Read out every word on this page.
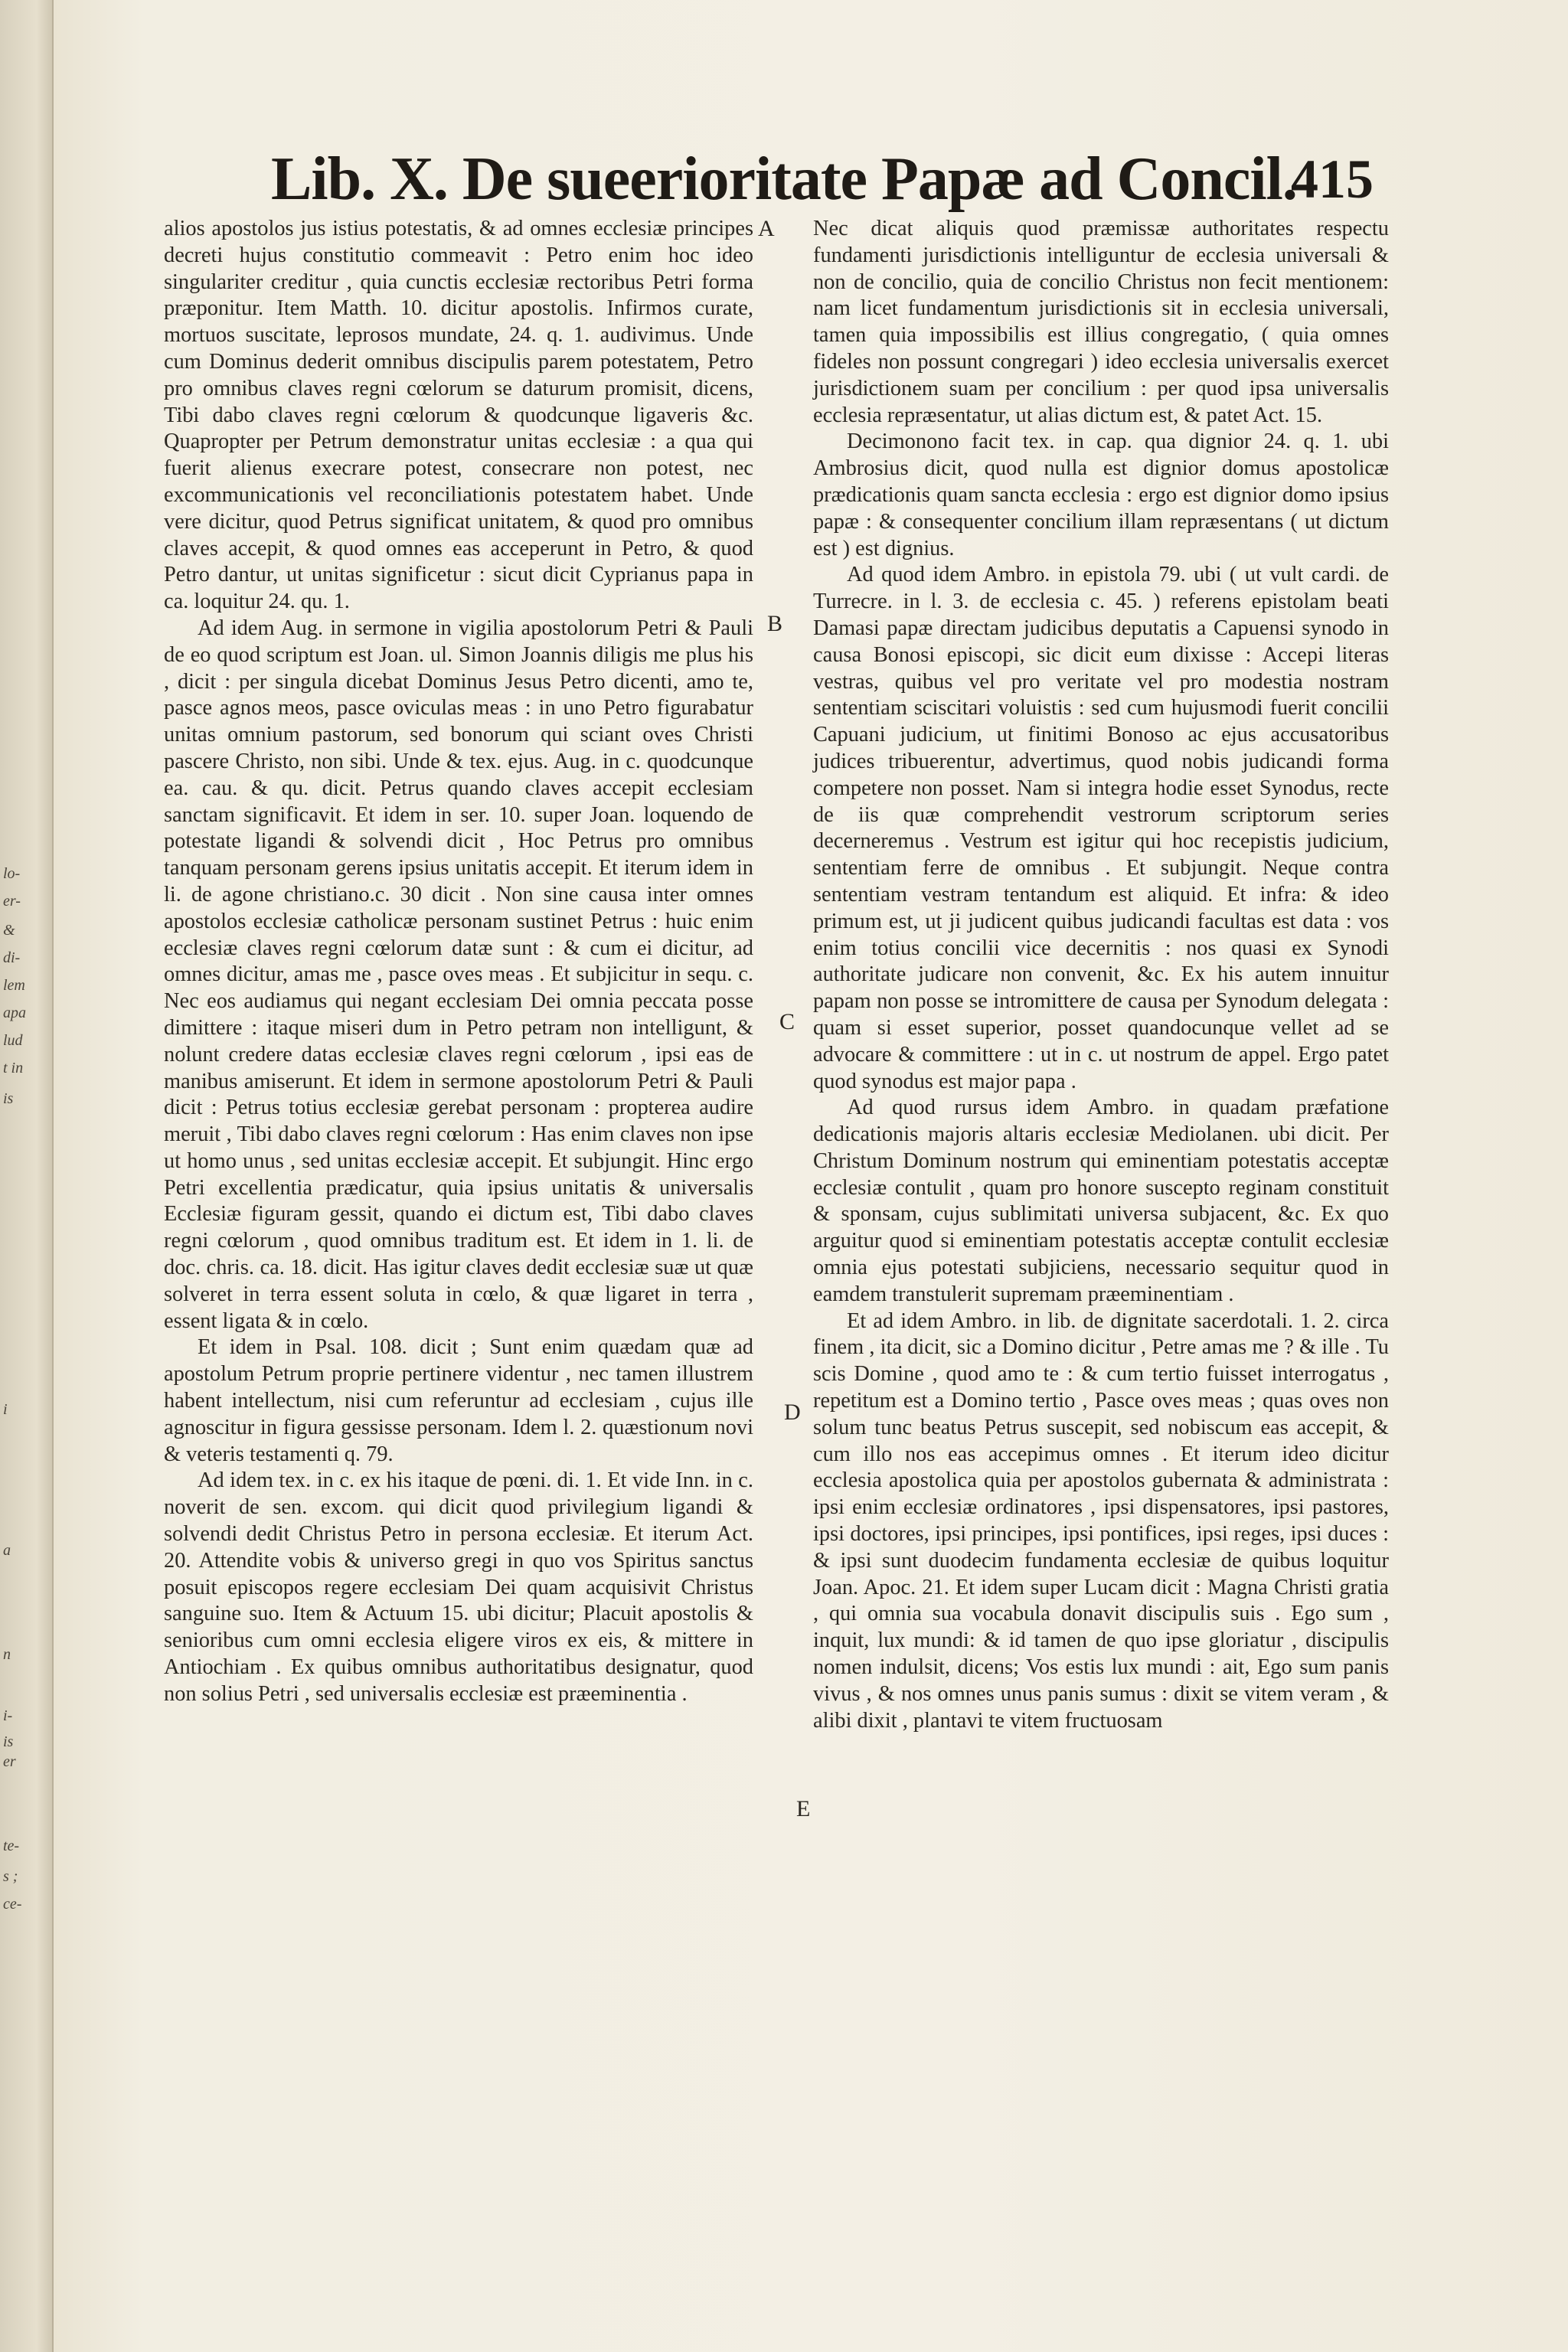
lo-
er-
&
di-
lem
apa
lud
t in
is
er
te-
s ;
ce-
i-
is
a
i
n
Lib. X. De sueerioritate Papæ ad Concil.
415

alios apostolos jus istius potestatis, & ad omnes ecclesiæ principes decreti hujus constitutio commeavit : Petro enim hoc ideo singulariter creditur , quia cunctis ecclesiæ rectoribus Petri forma præponitur. Item Matth. 10. dicitur apostolis. Infirmos curate, mortuos suscitate, leprosos mundate, 24. q. 1. audivimus. Unde cum Dominus dederit omnibus discipulis parem potestatem, Petro pro omnibus claves regni cœlorum se daturum promisit, dicens, Tibi dabo claves regni cœlorum & quodcunque ligaveris &c. Quapropter per Petrum demonstratur unitas ecclesiæ : a qua qui fuerit alienus execrare potest, consecrare non potest, nec excommunicationis vel reconciliationis potestatem habet. Unde vere dicitur, quod Petrus significat unitatem, & quod pro omnibus claves accepit, & quod omnes eas acceperunt in Petro, & quod Petro dantur, ut unitas significetur : sicut dicit Cyprianus papa in ca. loquitur 24. qu. 1.

Ad idem Aug. in sermone in vigilia apostolorum Petri & Pauli de eo quod scriptum est Joan. ul. Simon Joannis diligis me plus his , dicit : per singula dicebat Dominus Jesus Petro dicenti, amo te, pasce agnos meos, pasce oviculas meas : in uno Petro figurabatur unitas omnium pastorum, sed bonorum qui sciant oves Christi pascere Christo, non sibi. Unde & tex. ejus. Aug. in c. quodcunque ea. cau. & qu. dicit. Petrus quando claves accepit ecclesiam sanctam significavit. Et idem in ser. 10. super Joan. loquendo de potestate ligandi & solvendi dicit , Hoc Petrus pro omnibus tanquam personam gerens ipsius unitatis accepit. Et iterum idem in li. de agone christiano.c. 30 dicit . Non sine causa inter omnes apostolos ecclesiæ catholicæ personam sustinet Petrus : huic enim ecclesiæ claves regni cœlorum datæ sunt : & cum ei dicitur, ad omnes dicitur, amas me , pasce oves meas . Et subjicitur in sequ. c. Nec eos audiamus qui negant ecclesiam Dei omnia peccata posse dimittere : itaque miseri dum in Petro petram non intelligunt, & nolunt credere datas ecclesiæ claves regni cœlorum , ipsi eas de manibus amiserunt. Et idem in sermone apostolorum Petri & Pauli dicit : Petrus totius ecclesiæ gerebat personam : propterea audire meruit , Tibi dabo claves regni cœlorum : Has enim claves non ipse ut homo unus , sed unitas ecclesiæ accepit. Et subjungit. Hinc ergo Petri excellentia prædicatur, quia ipsius unitatis & universalis Ecclesiæ figuram gessit, quando ei dictum est, Tibi dabo claves regni cœlorum , quod omnibus traditum est. Et idem in 1. li. de doc. chris. ca. 18. dicit. Has igitur claves dedit ecclesiæ suæ ut quæ solveret in terra essent soluta in cœlo, & quæ ligaret in terra , essent ligata & in cœlo.

Et idem in Psal. 108. dicit ; Sunt enim quædam quæ ad apostolum Petrum proprie pertinere videntur , nec tamen illustrem habent intellectum, nisi cum referuntur ad ecclesiam , cujus ille agnoscitur in figura gessisse personam. Idem l. 2. quæstionum novi & veteris testamenti q. 79.

Ad idem tex. in c. ex his itaque de pœni. di. 1. Et vide Inn. in c. noverit de sen. excom. qui dicit quod privilegium ligandi & solvendi dedit Christus Petro in persona ecclesiæ. Et iterum Act. 20. Attendite vobis & universo gregi in quo vos Spiritus sanctus posuit episcopos regere ecclesiam Dei quam acquisivit Christus sanguine suo. Item & Actuum 15. ubi dicitur; Placuit apostolis & senioribus cum omni ecclesia eligere viros ex eis, & mittere in Antiochiam . Ex quibus omnibus authoritatibus designatur, quod non solius Petri , sed universalis ecclesiæ est præeminentia .

Nec dicat aliquis quod præmissæ authoritates respectu fundamenti jurisdictionis intelliguntur de ecclesia universali & non de concilio, quia de concilio Christus non fecit mentionem: nam licet fundamentum jurisdictionis sit in ecclesia universali, tamen quia impossibilis est illius congregatio, ( quia omnes fideles non possunt congregari ) ideo ecclesia universalis exercet jurisdictionem suam per concilium : per quod ipsa universalis ecclesia repræsentatur, ut alias dictum est, & patet Act. 15.

Decimonono facit tex. in cap. qua dignior 24. q. 1. ubi Ambrosius dicit, quod nulla est dignior domus apostolicæ prædicationis quam sancta ecclesia : ergo est dignior domo ipsius papæ : & consequenter concilium illam repræsentans ( ut dictum est ) est dignius.

Ad quod idem Ambro. in epistola 79. ubi ( ut vult cardi. de Turrecre. in l. 3. de ecclesia c. 45. ) referens epistolam beati Damasi papæ directam judicibus deputatis a Capuensi synodo in causa Bonosi episcopi, sic dicit eum dixisse : Accepi literas vestras, quibus vel pro veritate vel pro modestia nostram sententiam sciscitari voluistis : sed cum hujusmodi fuerit concilii Capuani judicium, ut finitimi Bonoso ac ejus accusatoribus judices tribuerentur, advertimus, quod nobis judicandi forma competere non posset. Nam si integra hodie esset Synodus, recte de iis quæ comprehendit vestrorum scriptorum series decerneremus . Vestrum est igitur qui hoc recepistis judicium, sententiam ferre de omnibus . Et subjungit. Neque contra sententiam vestram tentandum est aliquid. Et infra: & ideo primum est, ut ji judicent quibus judicandi facultas est data : vos enim totius concilii vice decernitis : nos quasi ex Synodi authoritate judicare non convenit, &c. Ex his autem innuitur papam non posse se intromittere de causa per Synodum delegata : quam si esset superior, posset quandocunque vellet ad se advocare & committere : ut in c. ut nostrum de appel. Ergo patet quod synodus est major papa .

Ad quod rursus idem Ambro. in quadam præfatione dedicationis majoris altaris ecclesiæ Mediolanen. ubi dicit. Per Christum Dominum nostrum qui eminentiam potestatis acceptæ ecclesiæ contulit , quam pro honore suscepto reginam constituit & sponsam, cujus sublimitati universa subjacent, &c. Ex quo arguitur quod si eminentiam potestatis acceptæ contulit ecclesiæ omnia ejus potestati subjiciens, necessario sequitur quod in eamdem transtulerit supremam præeminentiam .

Et ad idem Ambro. in lib. de dignitate sacerdotali. 1. 2. circa finem , ita dicit, sic a Domino dicitur , Petre amas me ? & ille . Tu scis Domine , quod amo te : & cum tertio fuisset interrogatus , repetitum est a Domino tertio , Pasce oves meas ; quas oves non solum tunc beatus Petrus suscepit, sed nobiscum eas accepit, & cum illo nos eas accepimus omnes . Et iterum ideo dicitur ecclesia apostolica quia per apostolos gubernata & administrata : ipsi enim ecclesiæ ordinatores , ipsi dispensatores, ipsi pastores, ipsi doctores, ipsi principes, ipsi pontifices, ipsi reges, ipsi duces : & ipsi sunt duodecim fundamenta ecclesiæ de quibus loquitur Joan. Apoc. 21. Et idem super Lucam dicit : Magna Christi gratia , qui omnia sua vocabula donavit discipulis suis . Ego sum , inquit, lux mundi: & id tamen de quo ipse gloriatur , discipulis nomen indulsit, dicens; Vos estis lux mundi : ait, Ego sum panis vivus , & nos omnes unus panis sumus : dixit se vitem veram , & alibi dixit , plantavi te vitem fructuosam

A
B
C
D
E
